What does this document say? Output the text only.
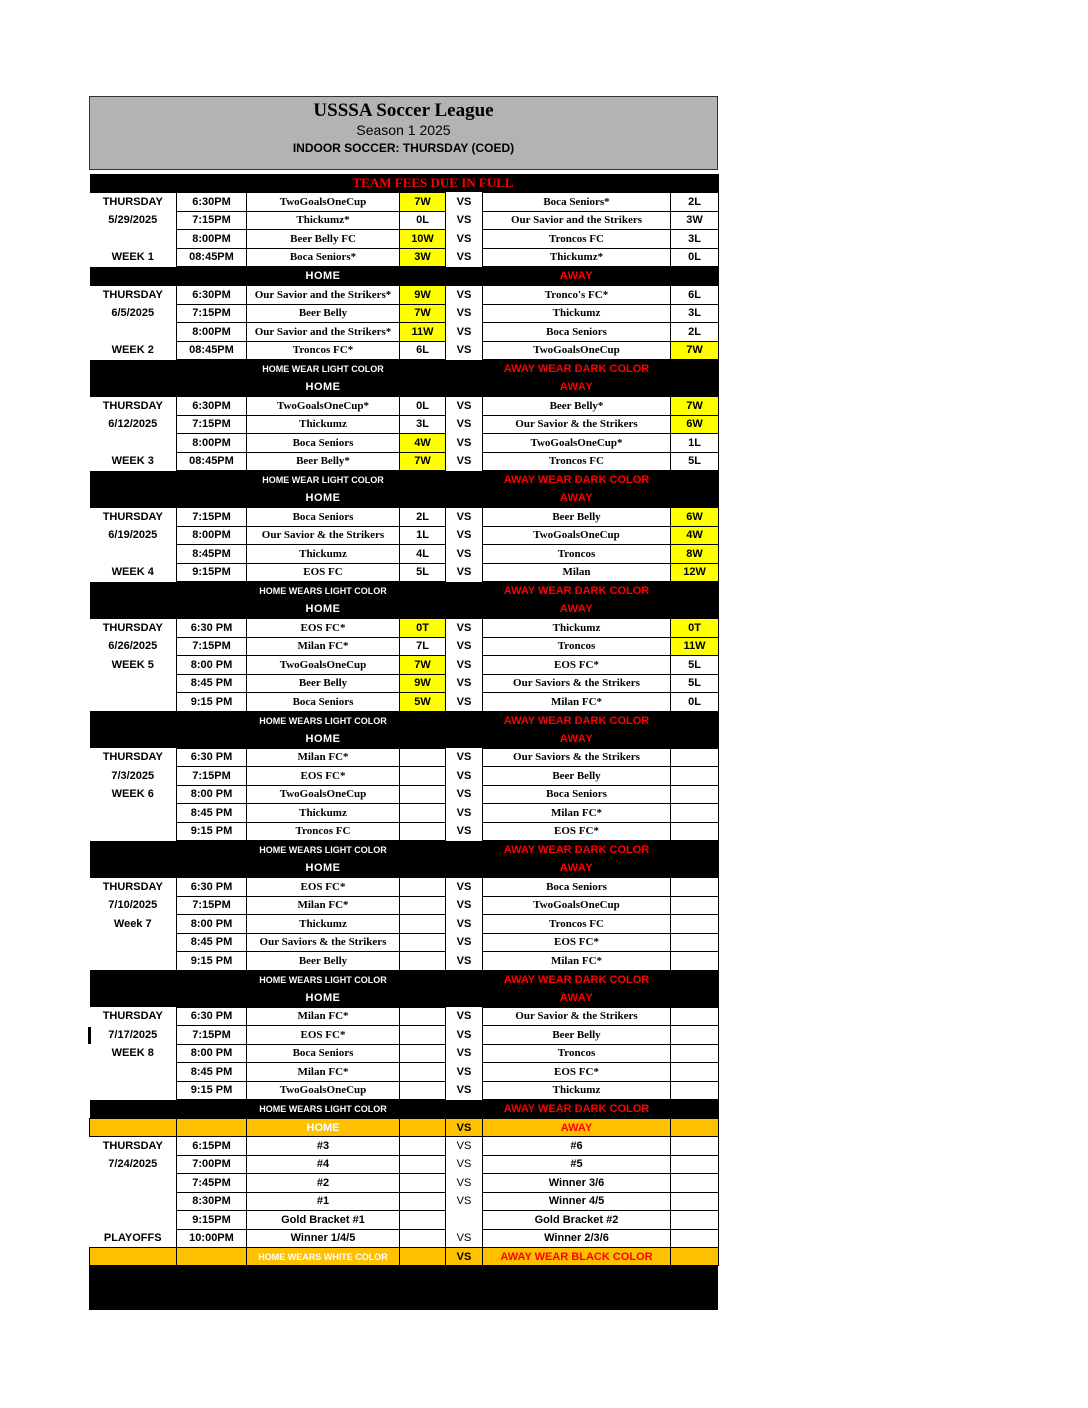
USSSA Soccer League
Season 1 2025
INDOOR SOCCER: THURSDAY (COED)
		TEAM FEES DUE IN FULL				
THURSDAY	6:30PM	TwoGoalsOneCup	7W	VS	Boca Seniors*	2L
5/29/2025	7:15PM	Thickumz*	0L	VS	Our Savior and the Strikers	3W
	8:00PM	Beer Belly FC	10W	VS	Troncos FC	3L
WEEK 1	08:45PM	Boca Seniors*	3W	VS	Thickumz*	0L
		HOME			AWAY	
THURSDAY	6:30PM	Our Savior and the Strikers*	9W	VS	Tronco's FC*	6L
6/5/2025	7:15PM	Beer Belly	7W	VS	Thickumz	3L
	8:00PM	Our Savior and the Strikers*	11W	VS	Boca Seniors	2L
WEEK 2	08:45PM	Troncos FC*	6L	VS	TwoGoalsOneCup	7W
		HOME WEAR LIGHT COLOR			AWAY WEAR DARK COLOR	
		HOME			AWAY	
THURSDAY	6:30PM	TwoGoalsOneCup*	0L	VS	Beer Belly*	7W
6/12/2025	7:15PM	Thickumz	3L	VS	Our Savior & the Strikers	6W
	8:00PM	Boca Seniors	4W	VS	TwoGoalsOneCup*	1L
WEEK 3	08:45PM	Beer Belly*	7W	VS	Troncos FC	5L
		HOME WEAR LIGHT COLOR			AWAY WEAR DARK COLOR	
		HOME			AWAY	
THURSDAY	7:15PM	Boca Seniors	2L	VS	Beer Belly	6W
6/19/2025	8:00PM	Our Savior & the Strikers	1L	VS	TwoGoalsOneCup	4W
	8:45PM	Thickumz	4L	VS	Troncos	8W
WEEK 4	9:15PM	EOS FC	5L	VS	Milan	12W
		HOME WEARS LIGHT COLOR			AWAY WEAR DARK COLOR	
		HOME			AWAY	
THURSDAY	6:30 PM	EOS FC*	0T	VS	Thickumz	0T
6/26/2025	7:15PM	Milan FC*	7L	VS	Troncos	11W
WEEK 5	8:00 PM	TwoGoalsOneCup	7W	VS	EOS FC*	5L
	8:45 PM	Beer Belly	9W	VS	Our Saviors & the Strikers	5L
	9:15 PM	Boca Seniors	5W	VS	Milan FC*	0L
		HOME WEARS LIGHT COLOR			AWAY WEAR DARK COLOR	
		HOME			AWAY	
THURSDAY	6:30 PM	Milan FC*		VS	Our Saviors & the Strikers	
7/3/2025	7:15PM	EOS FC*		VS	Beer Belly	
WEEK 6	8:00 PM	TwoGoalsOneCup		VS	Boca Seniors	
	8:45 PM	Thickumz		VS	Milan FC*	
	9:15 PM	Troncos FC		VS	EOS FC*	
		HOME WEARS LIGHT COLOR			AWAY WEAR DARK COLOR	
		HOME			AWAY	
THURSDAY	6:30 PM	EOS FC*		VS	Boca Seniors	
7/10/2025	7:15PM	Milan FC*		VS	TwoGoalsOneCup	
Week 7	8:00 PM	Thickumz		VS	Troncos FC	
	8:45 PM	Our Saviors & the Strikers		VS	EOS FC*	
	9:15 PM	Beer Belly		VS	Milan FC*	
		HOME WEARS LIGHT COLOR			AWAY WEAR DARK COLOR	
		HOME			AWAY	
THURSDAY	6:30 PM	Milan FC*		VS	Our Savior & the Strikers	
7/17/2025	7:15PM	EOS FC*		VS	Beer Belly	
WEEK 8	8:00 PM	Boca Seniors		VS	Troncos	
	8:45 PM	Milan FC*		VS	EOS FC*	
	9:15 PM	TwoGoalsOneCup		VS	Thickumz	
		HOME WEARS LIGHT COLOR			AWAY WEAR DARK COLOR	
		HOME		VS	AWAY	
THURSDAY	6:15PM	#3		VS	#6	
7/24/2025	7:00PM	#4		VS	#5	
	7:45PM	#2		VS	Winner 3/6	
	8:30PM	#1		VS	Winner 4/5	
	9:15PM	Gold Bracket #1			Gold Bracket #2	
PLAYOFFS	10:00PM	Winner 1/4/5		VS	Winner 2/3/6	
		HOME WEARS WHITE COLOR		VS	AWAY WEAR BLACK COLOR	
